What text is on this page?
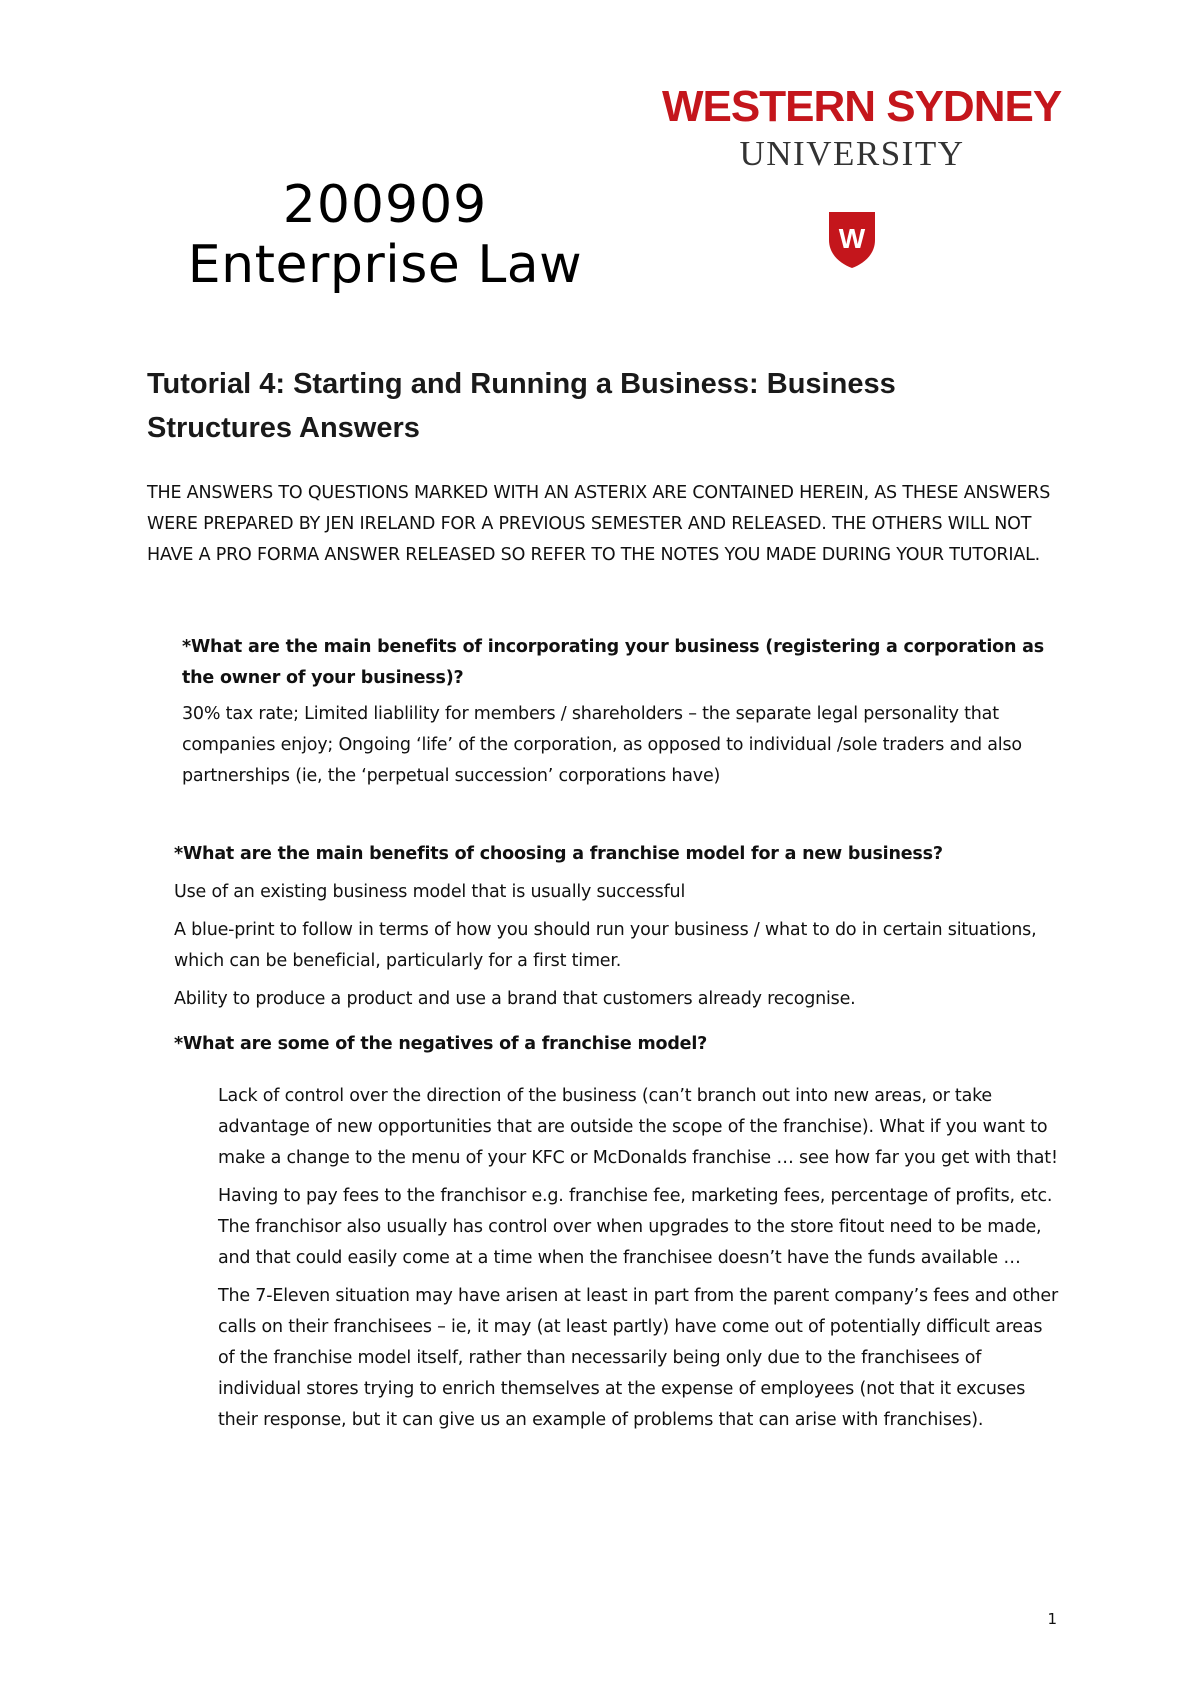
200909
Enterprise Law
WESTERN SYDNEY
UNIVERSITY
W
Tutorial 4: Starting and Running a Business: Business Structures Answers
THE ANSWERS TO QUESTIONS MARKED WITH AN ASTERIX ARE CONTAINED HEREIN, AS THESE ANSWERS WERE PREPARED BY JEN IRELAND FOR A PREVIOUS SEMESTER AND RELEASED. THE OTHERS WILL NOT HAVE A PRO FORMA ANSWER RELEASED SO REFER TO THE NOTES YOU MADE DURING YOUR TUTORIAL.
*What are the main benefits of incorporating your business (registering a corporation as the owner of your business)?
30% tax rate; Limited liablility for members / shareholders – the separate legal personality that companies enjoy; Ongoing ‘life’ of the corporation, as opposed to individual /sole traders and also partnerships (ie, the ‘perpetual succession’ corporations have)
*What are the main benefits of choosing a franchise model for a new business?
Use of an existing business model that is usually successful
A blue-print to follow in terms of how you should run your business / what to do in certain situations, which can be beneficial, particularly for a first timer.
Ability to produce a product and use a brand that customers already recognise.
*What are some of the negatives of a franchise model?
Lack of control over the direction of the business (can’t branch out into new areas, or take advantage of new opportunities that are outside the scope of the franchise). What if you want to make a change to the menu of your KFC or McDonalds franchise … see how far you get with that!
Having to pay fees to the franchisor e.g. franchise fee, marketing fees, percentage of profits, etc. The franchisor also usually has control over when upgrades to the store fitout need to be made, and that could easily come at a time when the franchisee doesn’t have the funds available …
The 7-Eleven situation may have arisen at least in part from the parent company’s fees and other calls on their franchisees – ie, it may (at least partly) have come out of potentially difficult areas of the franchise model itself, rather than necessarily being only due to the franchisees of individual stores trying to enrich themselves at the expense of employees (not that it excuses their response, but it can give us an example of problems that can arise with franchises).
1
